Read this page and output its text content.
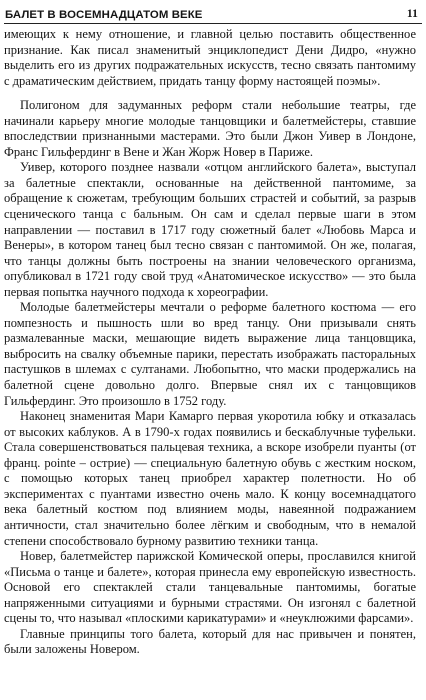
БАЛЕТ В ВОСЕМНАДЦАТОМ ВЕКЕ	11

имеющих к нему отношение, и главной целью поставить общественное признание. Как писал знаменитый энциклопедист Дени Дидро, «нужно выделить его из других подражательных искусств, тесно связать пантомиму с драматическим действием, придать танцу форму настоящей поэмы».

Полигоном для задуманных реформ стали небольшие театры, где начинали карьеру многие молодые танцовщики и балетмейстеры, ставшие впоследствии признанными мастерами. Это были Джон Уивер в Лондоне, Франс Гильфердинг в Вене и Жан Жорж Новер в Париже.

Уивер, которого позднее назвали «отцом английского балета», выступал за балетные спектакли, основанные на действенной пантомиме, за обращение к сюжетам, требующим больших страстей и событий, за разрыв сценического танца с бальным. Он сам и сделал первые шаги в этом направлении — поставил в 1717 году сюжетный балет «Любовь Марса и Венеры», в котором танец был тесно связан с пантомимой. Он же, полагая, что танцы должны быть построены на знании человеческого организма, опубликовал в 1721 году свой труд «Анатомическое искусство» — это была первая попытка научного подхода к хореографии.

Молодые балетмейстеры мечтали о реформе балетного костюма — его помпезность и пышность шли во вред танцу. Они призывали снять размалеванные маски, мешающие видеть выражение лица танцовщика, выбросить на свалку объемные парики, перестать изображать пасторальных пастушков в шлемах с султанами. Любопытно, что маски продержались на балетной сцене довольно долго. Впервые снял их с танцовщиков Гильфердинг. Это произошло в 1752 году.

Наконец знаменитая Мари Камарго первая укоротила юбку и отказалась от высоких каблуков. А в 1790-х годах появились и бескаблучные туфельки. Стала совершенствоваться пальцевая техника, а вскоре изобрели пуанты (от франц. pointe – острие) — специальную балетную обувь с жестким носком, с помощью которых танец приобрел характер полетности. Но об экспериментах с пуантами известно очень мало. К концу восемнадцатого века балетный костюм под влиянием моды, навеянной подражанием античности, стал значительно более лёгким и свободным, что в немалой степени способствовало бурному развитию техники танца.

Новер, балетмейстер парижской Комической оперы, прославился книгой «Письма о танце и балете», которая принесла ему европейскую известность. Основой его спектаклей стали танцевальные пантомимы, богатые напряженными ситуациями и бурными страстями. Он изгонял с балетной сцены то, что называл «плоскими карикатурами» и «неуклюжими фарсами».

Главные принципы того балета, который для нас привычен и понятен, были заложены Новером.
